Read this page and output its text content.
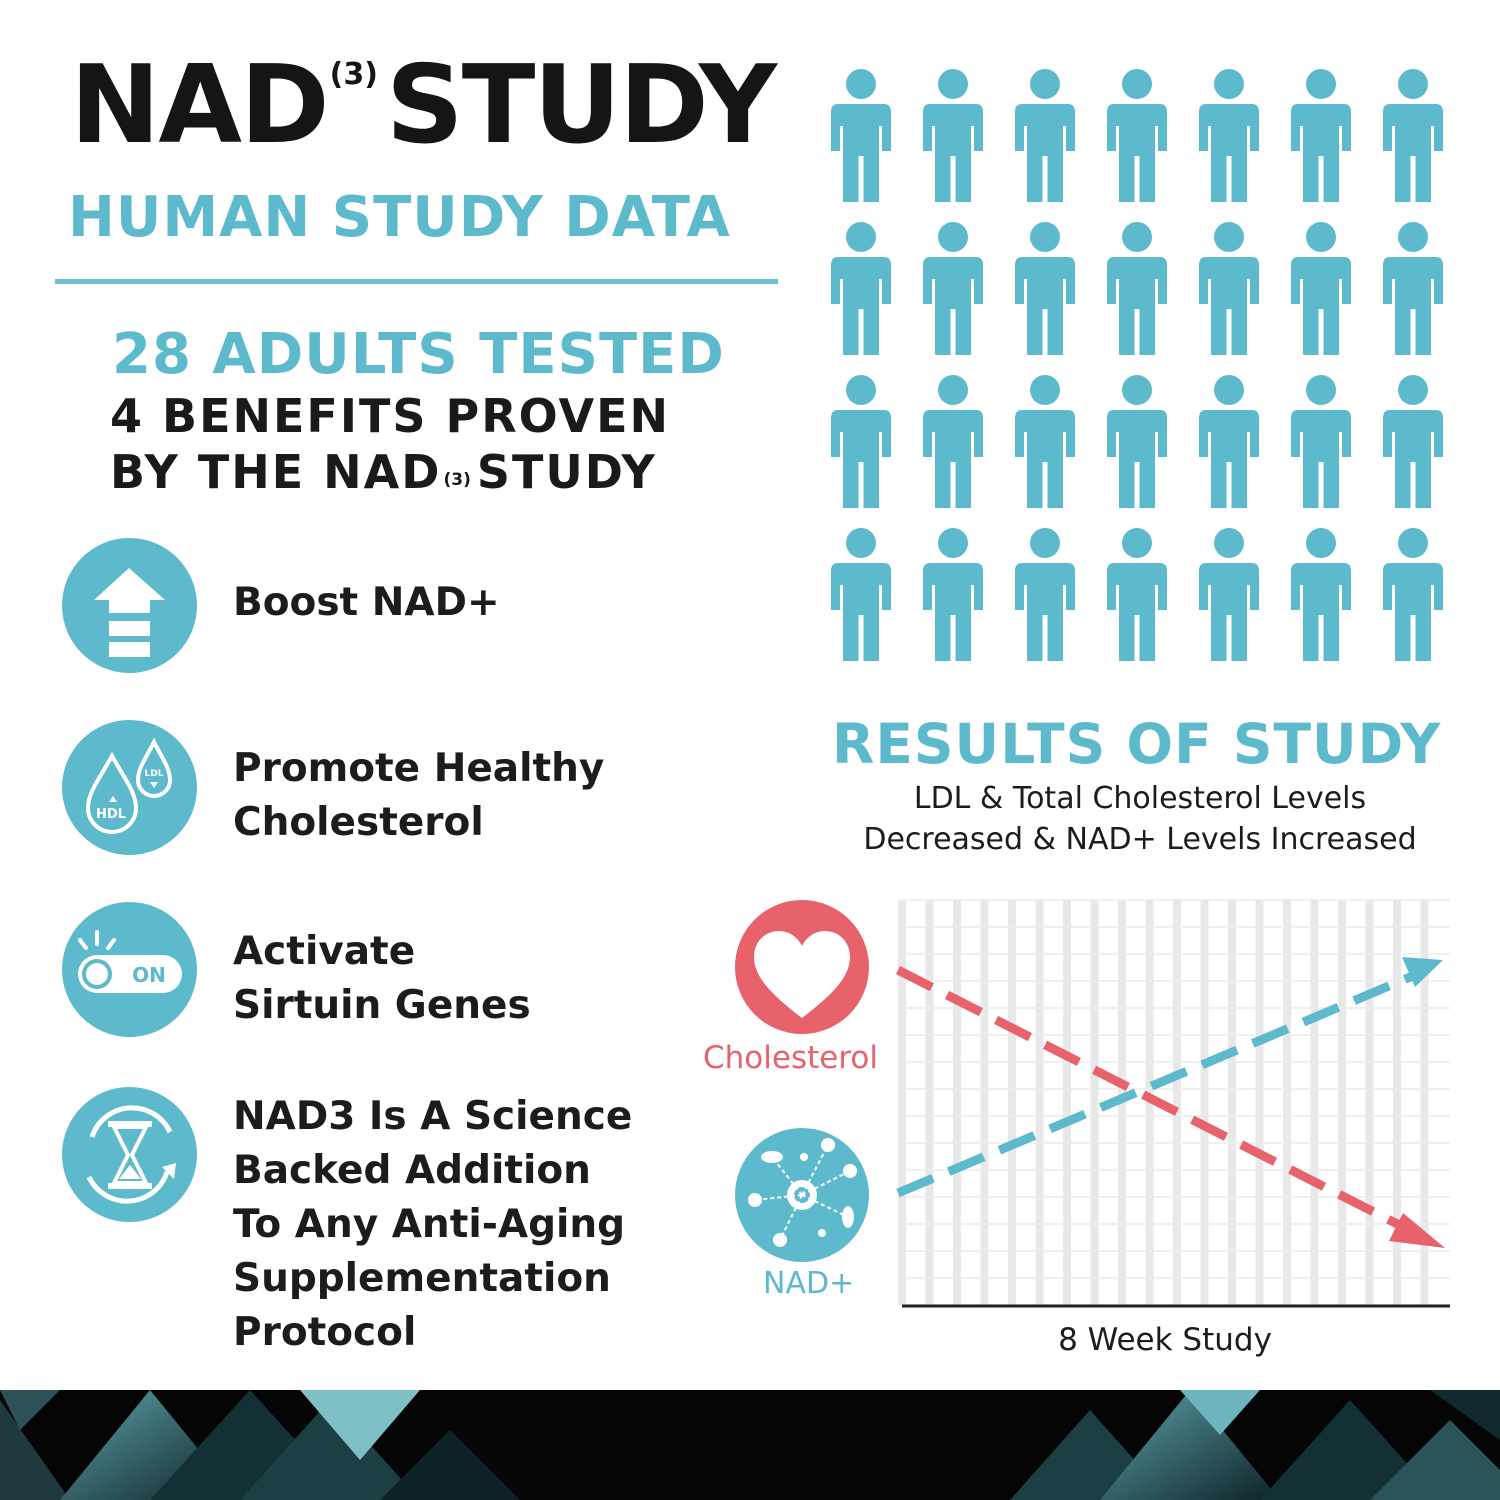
NAD$^{(3)}$STUDY
HUMAN STUDY DATA
28 ADULTS TESTED
4 BENEFITS PROVEN
BY THE NAD $^{(3)}$ STUDY
Boost NAD+
HDL
LDL Promote Healthy
Cholesterol
ON
Activate
Sirtuin Genes
NAD3 Is A Science
Backed Addition
To Any Anti-Aging
Supplementation
Protocol
RESULTS OF STUDY
LDL & Total Cholesterol Levels
Decreased & NAD+ Levels Increased
Cholesterol
NAD+
8 Week Study
